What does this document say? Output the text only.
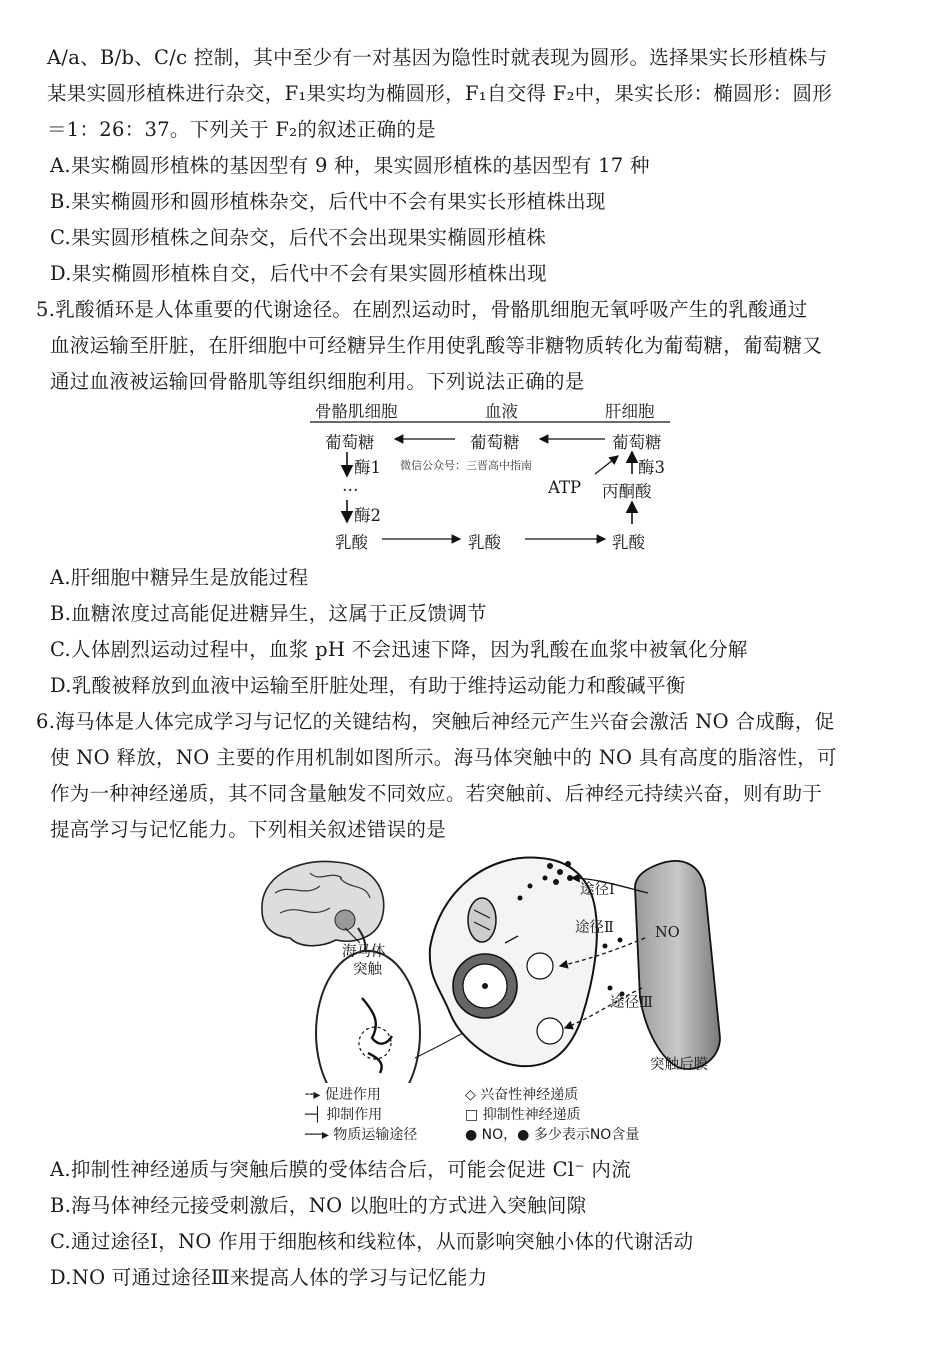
A/a、B/b、C/c 控制，其中至少有一对基因为隐性时就表现为圆形。选择果实长形植株与
某果实圆形植株进行杂交，F₁果实均为椭圆形，F₁自交得 F₂中，果实长形：椭圆形：圆形
＝1：26：37。下列关于 F₂的叙述正确的是
A.果实椭圆形植株的基因型有 9 种，果实圆形植株的基因型有 17 种
B.果实椭圆形和圆形植株杂交，后代中不会有果实长形植株出现
C.果实圆形植株之间杂交，后代不会出现果实椭圆形植株
D.果实椭圆形植株自交，后代中不会有果实圆形植株出现
5.乳酸循环是人体重要的代谢途径。在剧烈运动时，骨骼肌细胞无氧呼吸产生的乳酸通过
血液运输至肝脏，在肝细胞中可经糖异生作用使乳酸等非糖物质转化为葡萄糖，葡萄糖又
通过血液被运输回骨骼肌等组织细胞利用。下列说法正确的是
骨骼肌细胞	血液	肝细胞
葡萄糖	葡萄糖	葡萄糖
酶1 微信公众号：三晋高中指南	酶3
…	ATP 丙酮酸
酶2
乳酸	乳酸	乳酸
A.肝细胞中糖异生是放能过程
B.血糖浓度过高能促进糖异生，这属于正反馈调节
C.人体剧烈运动过程中，血浆 pH 不会迅速下降，因为乳酸在血浆中被氧化分解
D.乳酸被释放到血液中运输至肝脏处理，有助于维持运动能力和酸碱平衡
6.海马体是人体完成学习与记忆的关键结构，突触后神经元产生兴奋会激活 NO 合成酶，促
使 NO 释放，NO 主要的作用机制如图所示。海马体突触中的 NO 具有高度的脂溶性，可
作为一种神经递质，其不同含量触发不同效应。若突触前、后神经元持续兴奋，则有助于
提高学习与记忆能力。下列相关叙述错误的是
海马体
突触
途径Ⅰ
途径Ⅱ	NO
途径Ⅲ
突触后膜
╌▸ 促进作用
─┤ 抑制作用
──▸ 物质运输途径
◇ 兴奋性神经递质
□ 抑制性神经递质
● NO，● 多少表示NO含量
A.抑制性神经递质与突触后膜的受体结合后，可能会促进 Cl⁻ 内流
B.海马体神经元接受刺激后，NO 以胞吐的方式进入突触间隙
C.通过途径Ⅰ，NO 作用于细胞核和线粒体，从而影响突触小体的代谢活动
D.NO 可通过途径Ⅲ来提高人体的学习与记忆能力
